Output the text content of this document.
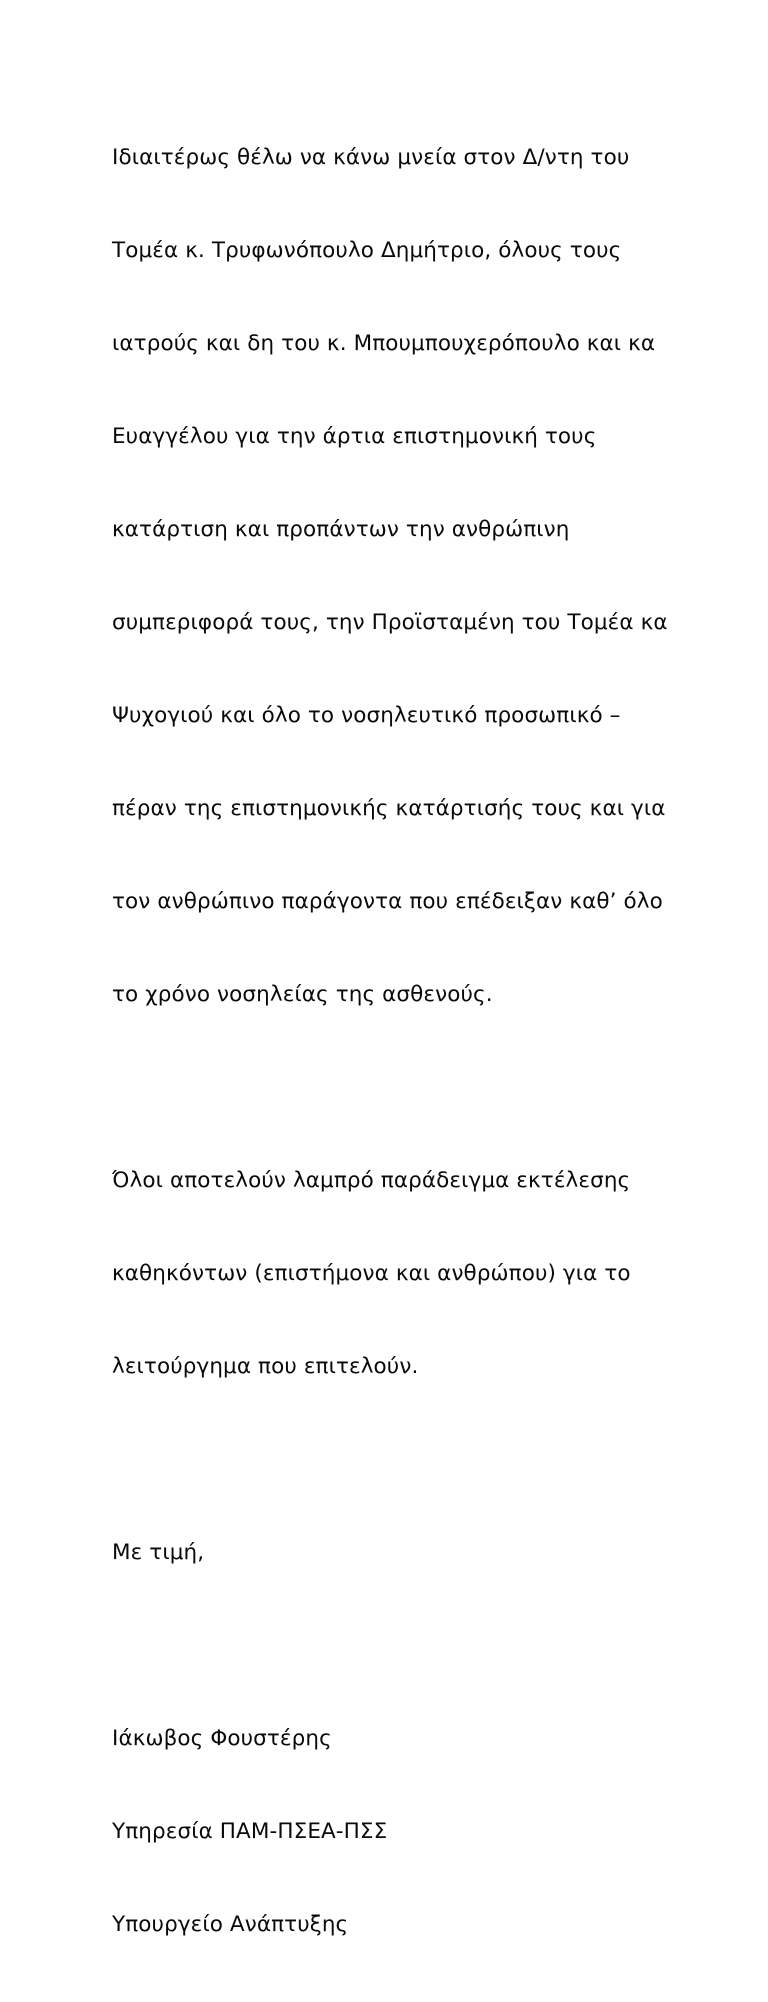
Ιδιαιτέρως θέλω να κάνω μνεία στον Δ/ντη του

Τομέα κ. Τρυφωνόπουλο Δημήτριο, όλους τους

ιατρούς και δη του κ. Μπουμπουχερόπουλο και κα

Ευαγγέλου για την άρτια επιστημονική τους

κατάρτιση και προπάντων την ανθρώπινη

συμπεριφορά τους, την Προϊσταμένη του Τομέα κα

Ψυχογιού και όλο το νοσηλευτικό προσωπικό –

πέραν της επιστημονικής κατάρτισής τους και για

τον ανθρώπινο παράγοντα που επέδειξαν καθ’ όλο

το χρόνο νοσηλείας της ασθενούς.

Όλοι αποτελούν λαμπρό παράδειγμα εκτέλεσης

καθηκόντων (επιστήμονα και ανθρώπου) για το

λειτούργημα που επιτελούν.

Με τιμή,

Ιάκωβος Φουστέρης

Υπηρεσία ΠΑΜ-ΠΣΕΑ-ΠΣΣ

Υπουργείο Ανάπτυξης
